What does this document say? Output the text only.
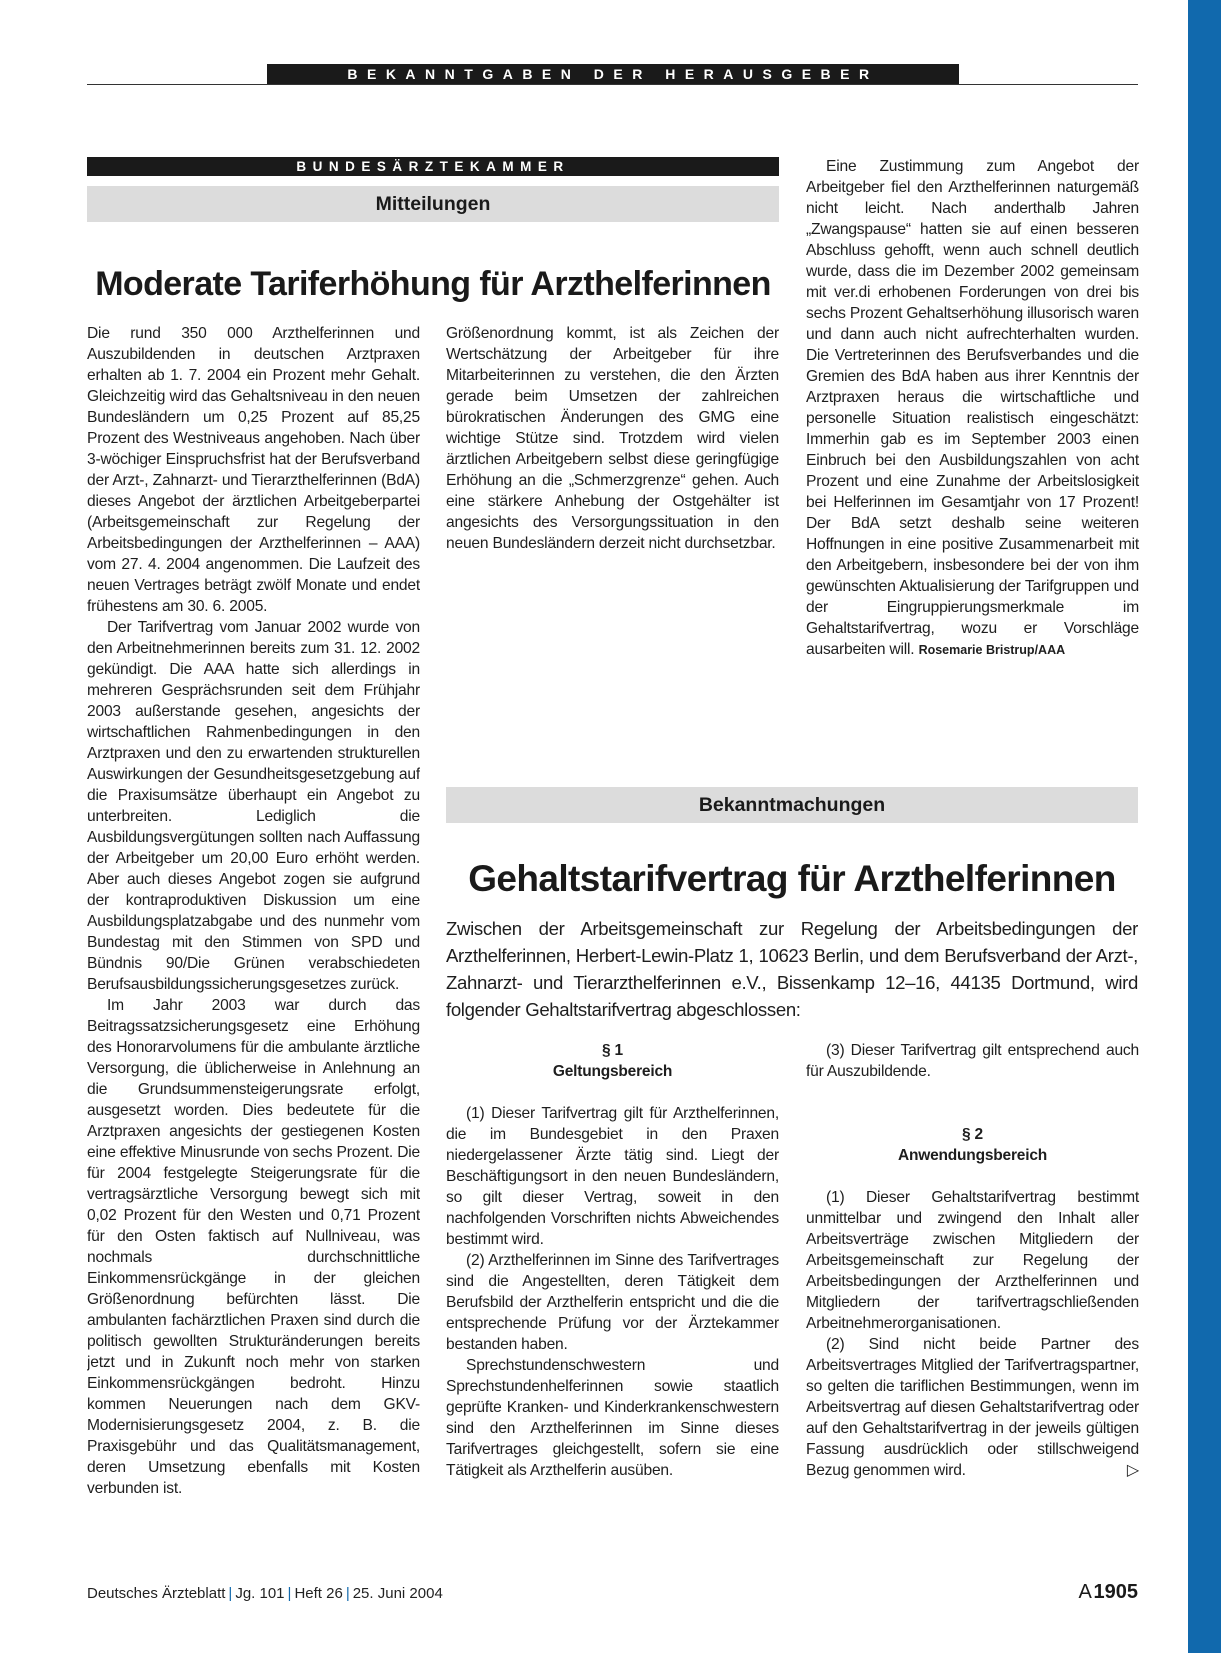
BEKANNTGABEN DER HERAUSGEBER
BUNDESÄRZTEKAMMER
Mitteilungen
Moderate Tariferhöhung für Arzthelferinnen

Die rund 350 000 Arzthelferinnen und Auszubildenden in deutschen Arztpraxen erhalten ab 1. 7. 2004 ein Prozent mehr Gehalt. Gleichzeitig wird das Gehaltsniveau in den neuen Bundesländern um 0,25 Prozent auf 85,25 Prozent des Westniveaus angehoben. Nach über 3-wöchiger Einspruchsfrist hat der Berufsverband der Arzt-, Zahnarzt- und Tierarzthelferinnen (BdA) dieses Angebot der ärztlichen Arbeitgeberpartei (Arbeitsgemeinschaft zur Regelung der Arbeitsbedingungen der Arzthelferinnen – AAA) vom 27. 4. 2004 angenommen. Die Laufzeit des neuen Vertrages beträgt zwölf Monate und endet frühestens am 30. 6. 2005.

Der Tarifvertrag vom Januar 2002 wurde von den Arbeitnehmerinnen bereits zum 31. 12. 2002 gekündigt. Die AAA hatte sich allerdings in mehreren Gesprächsrunden seit dem Frühjahr 2003 außerstande gesehen, angesichts der wirtschaftlichen Rahmenbedingungen in den Arztpraxen und den zu erwartenden strukturellen Auswirkungen der Gesundheitsgesetzgebung auf die Praxisumsätze überhaupt ein Angebot zu unterbreiten. Lediglich die Ausbildungsvergütungen sollten nach Auffassung der Arbeitgeber um 20,00 Euro erhöht werden. Aber auch dieses Angebot zogen sie aufgrund der kontraproduktiven Diskussion um eine Ausbildungsplatzabgabe und des nunmehr vom Bundestag mit den Stimmen von SPD und Bündnis 90/Die Grünen verabschiedeten Berufsausbildungssicherungsgesetzes zurück.

Im Jahr 2003 war durch das Beitragssatzsicherungsgesetz eine Erhöhung des Honorarvolumens für die ambulante ärztliche Versorgung, die üblicherweise in Anlehnung an die Grundsummensteigerungsrate erfolgt, ausgesetzt worden. Dies bedeutete für die Arztpraxen angesichts der gestiegenen Kosten eine effektive Minusrunde von sechs Prozent. Die für 2004 festgelegte Steigerungsrate für die vertragsärztliche Versorgung bewegt sich mit 0,02 Prozent für den Westen und 0,71 Prozent für den Osten faktisch auf Nullniveau, was nochmals durchschnittliche Einkommensrückgänge in der gleichen Größenordnung befürchten lässt. Die ambulanten fachärztlichen Praxen sind durch die politisch gewollten Strukturänderungen bereits jetzt und in Zukunft noch mehr von starken Einkommensrückgängen bedroht. Hinzu kommen Neuerungen nach dem GKV-Modernisierungsgesetz 2004, z. B. die Praxisgebühr und das Qualitätsmanagement, deren Umsetzung ebenfalls mit Kosten verbunden ist.

Größenordnung kommt, ist als Zeichen der Wertschätzung der Arbeitgeber für ihre Mitarbeiterinnen zu verstehen, die den Ärzten gerade beim Umsetzen der zahlreichen bürokratischen Änderungen des GMG eine wichtige Stütze sind. Trotzdem wird vielen ärztlichen Arbeitgebern selbst diese geringfügige Erhöhung an die „Schmerzgrenze“ gehen. Auch eine stärkere Anhebung der Ostgehälter ist angesichts des Versorgungssituation in den neuen Bundesländern derzeit nicht durchsetzbar.

Eine Zustimmung zum Angebot der Arbeitgeber fiel den Arzthelferinnen naturgemäß nicht leicht. Nach anderthalb Jahren „Zwangspause“ hatten sie auf einen besseren Abschluss gehofft, wenn auch schnell deutlich wurde, dass die im Dezember 2002 gemeinsam mit ver.di erhobenen Forderungen von drei bis sechs Prozent Gehaltserhöhung illusorisch waren und dann auch nicht aufrechterhalten wurden. Die Vertreterinnen des Berufsverbandes und die Gremien des BdA haben aus ihrer Kenntnis der Arztpraxen heraus die wirtschaftliche und personelle Situation realistisch eingeschätzt: Immerhin gab es im September 2003 einen Einbruch bei den Ausbildungszahlen von acht Prozent und eine Zunahme der Arbeitslosigkeit bei Helferinnen im Gesamtjahr von 17 Prozent! Der BdA setzt deshalb seine weiteren Hoffnungen in eine positive Zusammenarbeit mit den Arbeitgebern, insbesondere bei der von ihm gewünschten Aktualisierung der Tarifgruppen und der Eingruppierungsmerkmale im Gehaltstarifvertrag, wozu er Vorschläge ausarbeiten will. Rosemarie Bristrup/AAA

Bekanntmachungen
Gehaltstarifvertrag für Arzthelferinnen

Zwischen der Arbeitsgemeinschaft zur Regelung der Arbeitsbedingungen der Arzthelferinnen, Herbert-Lewin-Platz 1, 10623 Berlin, und dem Berufsverband der Arzt-, Zahnarzt- und Tierarzthelferinnen e.V., Bissenkamp 12–16, 44135 Dortmund, wird folgender Gehaltstarifvertrag abgeschlossen:

§ 1
Geltungsbereich

(1) Dieser Tarifvertrag gilt für Arzthelferinnen, die im Bundesgebiet in den Praxen niedergelassener Ärzte tätig sind. Liegt der Beschäftigungsort in den neuen Bundesländern, so gilt dieser Vertrag, soweit in den nachfolgenden Vorschriften nichts Abweichendes bestimmt wird.

(2) Arzthelferinnen im Sinne des Tarifvertrages sind die Angestellten, deren Tätigkeit dem Berufsbild der Arzthelferin entspricht und die die entsprechende Prüfung vor der Ärztekammer bestanden haben.

Sprechstundenschwestern und Sprechstundenhelferinnen sowie staatlich geprüfte Kranken- und Kinderkrankenschwestern sind den Arzthelferinnen im Sinne dieses Tarifvertrages gleichgestellt, sofern sie eine Tätigkeit als Arzthelferin ausüben.

(3) Dieser Tarifvertrag gilt entsprechend auch für Auszubildende.

§ 2
Anwendungsbereich

(1) Dieser Gehaltstarifvertrag bestimmt unmittelbar und zwingend den Inhalt aller Arbeitsverträge zwischen Mitgliedern der Arbeitsgemeinschaft zur Regelung der Arbeitsbedingungen der Arzthelferinnen und Mitgliedern der tarifvertragschließenden Arbeitnehmerorganisationen.

(2) Sind nicht beide Partner des Arbeitsvertrages Mitglied der Tarifvertragspartner, so gelten die tariflichen Bestimmungen, wenn im Arbeitsvertrag auf diesen Gehaltstarifvertrag oder auf den Gehaltstarifvertrag in der jeweils gültigen Fassung ausdrücklich oder stillschweigend Bezug genommen wird.	▷

Deutsches Ärzteblatt | Jg. 101 | Heft 26 | 25. Juni 2004	A 1905
